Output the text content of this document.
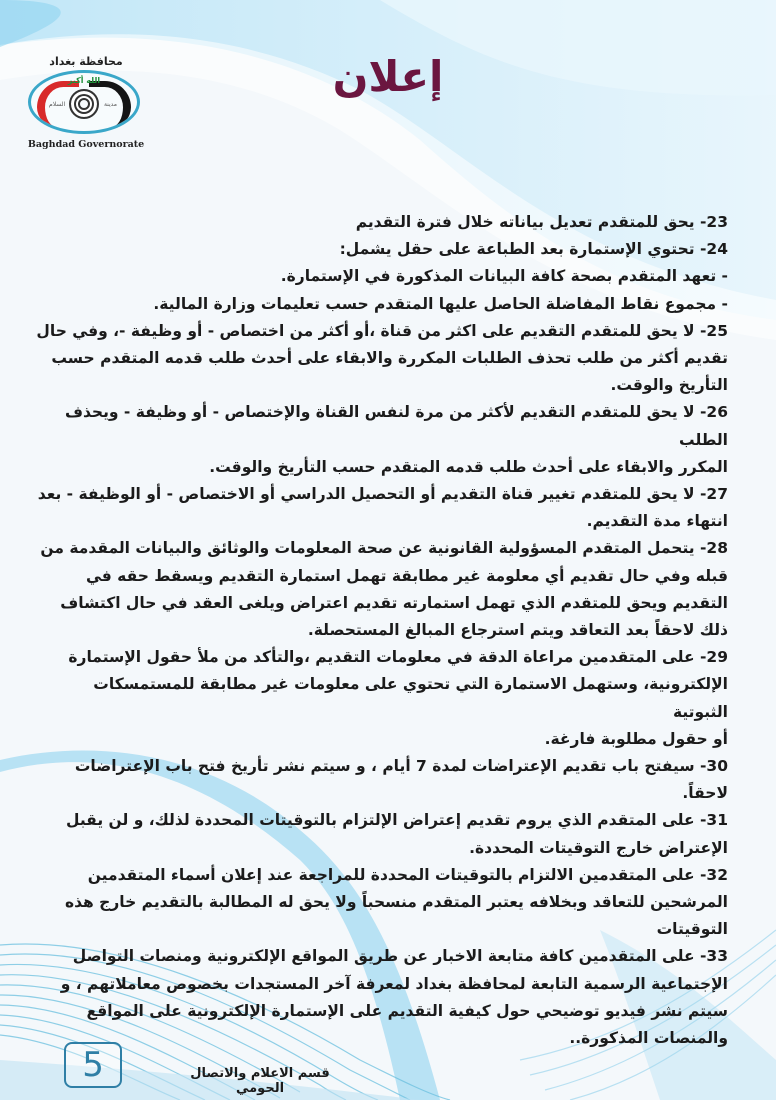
محافظة بغداد
الله أكبر
مدينة
السلام
Baghdad Governorate
إعلان

23- يحق للمتقدم تعديل بياناته خلال فترة التقديم

24- تحتوي الإستمارة بعد الطباعة على حقل يشمل:

- تعهد المتقدم بصحة كافة البيانات المذكورة في الإستمارة.

- مجموع نقاط المفاضلة الحاصل عليها المتقدم حسب تعليمات وزارة المالية.

25- لا يحق للمتقدم التقديم على اكثر من قناة ،أو أكثر من اختصاص - أو وظيفة -، وفي حال
تقديم أكثر من طلب تحذف الطلبات المكررة والابقاء على أحدث طلب قدمه المتقدم حسب
التأريخ والوقت.

26- لا يحق للمتقدم التقديم لأكثر من مرة لنفس القناة والإختصاص - أو وظيفة - ويحذف الطلب
المكرر والابقاء على أحدث طلب قدمه المتقدم حسب التأريخ والوقت.

27- لا يحق للمتقدم تغيير قناة التقديم أو التحصيل الدراسي أو الاختصاص - أو الوظيفة - بعد
انتهاء مدة التقديم.

28- يتحمل المتقدم المسؤولية القانونية عن صحة المعلومات والوثائق والبيانات المقدمة من
قبله وفي حال تقديم أي معلومة غير مطابقة تهمل استمارة التقديم ويسقط حقه في
التقديم ويحق للمتقدم الذي تهمل استمارته تقديم اعتراض ويلغى العقد في حال اكتشاف
ذلك لاحقاً بعد التعاقد ويتم استرجاع المبالغ المستحصلة.

29- على المتقدمين مراعاة الدقة في معلومات التقديم ،والتأكد من ملأ حقول الإستمارة
الإلكترونية، وستهمل الاستمارة التي تحتوي على معلومات غير مطابقة للمستمسكات الثبوتية
أو حقول مطلوبة فارغة.

30- سيفتح باب تقديم الإعتراضات لمدة 7 أيام ، و سيتم نشر تأريخ فتح باب الإعتراضات لاحقاً.

31- على المتقدم الذي يروم تقديم إعتراض الإلتزام بالتوقيتات المحددة لذلك، و لن يقبل
الإعتراض خارج التوقيتات المحددة.

32- على المتقدمين الالتزام بالتوقيتات المحددة للمراجعة عند إعلان أسماء المتقدمين
المرشحين للتعاقد وبخلافه يعتبر المتقدم منسحباً ولا يحق له المطالبة بالتقديم خارج هذه
التوقيتات

33- على المتقدمين كافة متابعة الاخبار عن طريق المواقع الإلكترونية ومنصات التواصل
الإجتماعية الرسمية التابعة لمحافظة بغداد لمعرفة آخر المستجدات بخصوص معاملاتهم ، و
سيتم نشر فيديو توضيحي حول كيفية التقديم على الإستمارة الإلكترونية على المواقع
والمنصات المذكورة..

5	قسم الاعلام والاتصال الحومي
